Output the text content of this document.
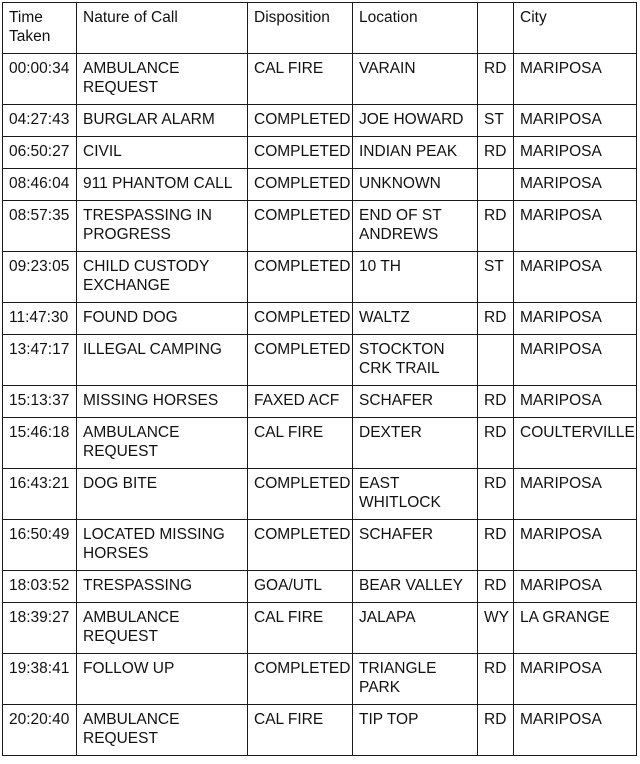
Time Taken	Nature of Call	Disposition	Location		City
00:00:34	AMBULANCE REQUEST	CAL FIRE	VARAIN	RD	MARIPOSA
04:27:43	BURGLAR ALARM	COMPLETED	JOE HOWARD	ST	MARIPOSA
06:50:27	CIVIL	COMPLETED	INDIAN PEAK	RD	MARIPOSA
08:46:04	911 PHANTOM CALL	COMPLETED	UNKNOWN		MARIPOSA
08:57:35	TRESPASSING IN PROGRESS	COMPLETED	END OF ST ANDREWS	RD	MARIPOSA
09:23:05	CHILD CUSTODY EXCHANGE	COMPLETED	10 TH	ST	MARIPOSA
11:47:30	FOUND DOG	COMPLETED	WALTZ	RD	MARIPOSA
13:47:17	ILLEGAL CAMPING	COMPLETED	STOCKTON CRK TRAIL		MARIPOSA
15:13:37	MISSING HORSES	FAXED ACF	SCHAFER	RD	MARIPOSA
15:46:18	AMBULANCE REQUEST	CAL FIRE	DEXTER	RD	COULTERVILLE
16:43:21	DOG BITE	COMPLETED	EAST WHITLOCK	RD	MARIPOSA
16:50:49	LOCATED MISSING HORSES	COMPLETED	SCHAFER	RD	MARIPOSA
18:03:52	TRESPASSING	GOA/UTL	BEAR VALLEY	RD	MARIPOSA
18:39:27	AMBULANCE REQUEST	CAL FIRE	JALAPA	WY	LA GRANGE
19:38:41	FOLLOW UP	COMPLETED	TRIANGLE PARK	RD	MARIPOSA
20:20:40	AMBULANCE REQUEST	CAL FIRE	TIP TOP	RD	MARIPOSA
